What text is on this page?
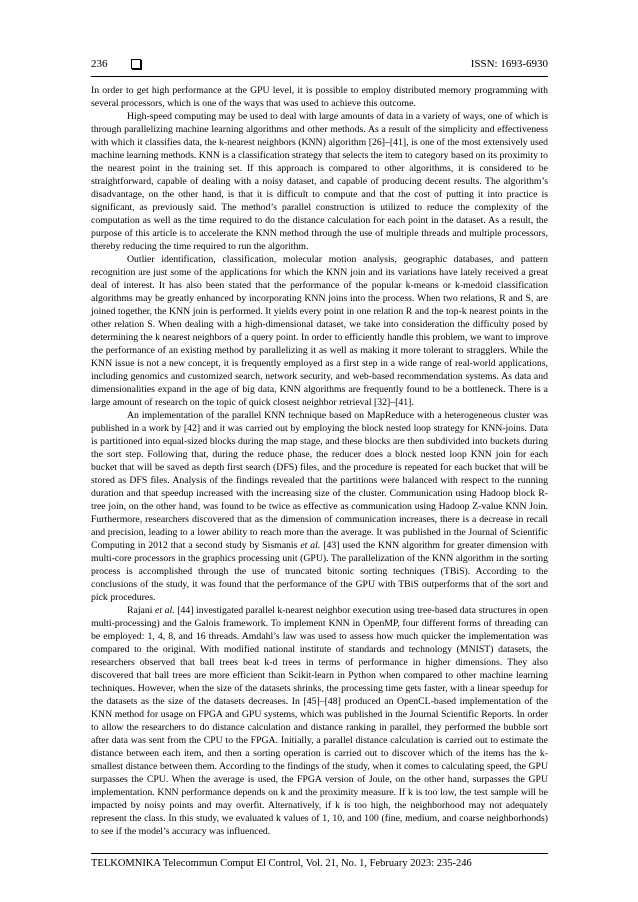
236	ISSN: 1693-6930

In order to get high performance at the GPU level, it is possible to employ distributed memory programming with several processors, which is one of the ways that was used to achieve this outcome.

High-speed computing may be used to deal with large amounts of data in a variety of ways, one of which is through parallelizing machine learning algorithms and other methods. As a result of the simplicity and effectiveness with which it classifies data, the k-nearest neighbors (KNN) algorithm [26]–[41], is one of the most extensively used machine learning methods. KNN is a classification strategy that selects the item to category based on its proximity to the nearest point in the training set. If this approach is compared to other algorithms, it is considered to be straightforward, capable of dealing with a noisy dataset, and capable of producing decent results. The algorithm’s disadvantage, on the other hand, is that it is difficult to compute and that the cost of putting it into practice is significant, as previously said. The method’s parallel construction is utilized to reduce the complexity of the computation as well as the time required to do the distance calculation for each point in the dataset. As a result, the purpose of this article is to accelerate the KNN method through the use of multiple threads and multiple processors, thereby reducing the time required to run the algorithm.

Outlier identification, classification, molecular motion analysis, geographic databases, and pattern recognition are just some of the applications for which the KNN join and its variations have lately received a great deal of interest. It has also been stated that the performance of the popular k-means or k-medoid classification algorithms may be greatly enhanced by incorporating KNN joins into the process. When two relations, R and S, are joined together, the KNN join is performed. It yields every point in one relation R and the top-k nearest points in the other relation S. When dealing with a high-dimensional dataset, we take into consideration the difficulty posed by determining the k nearest neighbors of a query point. In order to efficiently handle this problem, we want to improve the performance of an existing method by parallelizing it as well as making it more tolerant to stragglers. While the KNN issue is not a new concept, it is frequently employed as a first step in a wide range of real-world applications, including genomics and customized search, network security, and web-based recommendation systems. As data and dimensionalities expand in the age of big data, KNN algorithms are frequently found to be a bottleneck. There is a large amount of research on the topic of quick closest neighbor retrieval [32]–[41].

An implementation of the parallel KNN technique based on MapReduce with a heterogeneous cluster was published in a work by [42] and it was carried out by employing the block nested loop strategy for KNN-joins. Data is partitioned into equal-sized blocks during the map stage, and these blocks are then subdivided into buckets during the sort step. Following that, during the reduce phase, the reducer does a block nested loop KNN join for each bucket that will be saved as depth first search (DFS) files, and the procedure is repeated for each bucket that will be stored as DFS files. Analysis of the findings revealed that the partitions were balanced with respect to the running duration and that speedup increased with the increasing size of the cluster. Communication using Hadoop block R-tree join, on the other hand, was found to be twice as effective as communication using Hadoop Z-value KNN Join. Furthermore, researchers discovered that as the dimension of communication increases, there is a decrease in recall and precision, leading to a lower ability to reach more than the average. It was published in the Journal of Scientific Computing in 2012 that a second study by Sismanis et al. [43] used the KNN algorithm for greater dimension with multi-core processors in the graphics processing unit (GPU). The parallelization of the KNN algorithm in the sorting process is accomplished through the use of truncated bitonic sorting techniques (TBiS). According to the conclusions of the study, it was found that the performance of the GPU with TBiS outperforms that of the sort and pick procedures.

Rajani et al. [44] investigated parallel k-nearest neighbor execution using tree-based data structures in open multi-processing) and the Galois framework. To implement KNN in OpenMP, four different forms of threading can be employed: 1, 4, 8, and 16 threads. Amdahl’s law was used to assess how much quicker the implementation was compared to the original. With modified national institute of standards and technology (MNIST) datasets, the researchers observed that ball trees beat k-d trees in terms of performance in higher dimensions. They also discovered that ball trees are more efficient than Scikit-learn in Python when compared to other machine learning techniques. However, when the size of the datasets shrinks, the processing time gets faster, with a linear speedup for the datasets as the size of the datasets decreases. In [45]–[48] produced an OpenCL-based implementation of the KNN method for usage on FPGA and GPU systems, which was published in the Journal Scientific Reports. In order to allow the researchers to do distance calculation and distance ranking in parallel, they performed the bubble sort after data was sent from the CPU to the FPGA. Initially, a parallel distance calculation is carried out to estimate the distance between each item, and then a sorting operation is carried out to discover which of the items has the k-smallest distance between them. According to the findings of the study, when it comes to calculating speed, the GPU surpasses the CPU. When the average is used, the FPGA version of Joule, on the other hand, surpasses the GPU implementation. KNN performance depends on k and the proximity measure. If k is too low, the test sample will be impacted by noisy points and may overfit. Alternatively, if k is too high, the neighborhood may not adequately represent the class. In this study, we evaluated k values of 1, 10, and 100 (fine, medium, and coarse neighborhoods) to see if the model’s accuracy was influenced.

TELKOMNIKA Telecommun Comput El Control, Vol. 21, No. 1, February 2023: 235-246
